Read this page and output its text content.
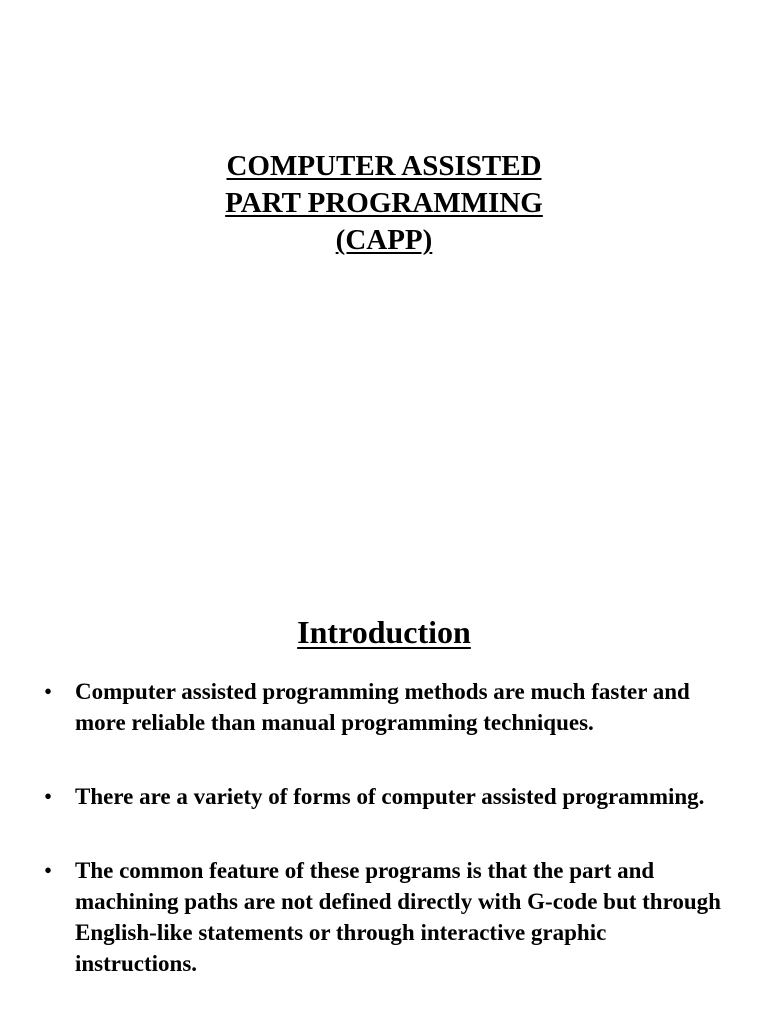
COMPUTER ASSISTED

PART PROGRAMMING

(CAPP)

Introduction
• Computer assisted programming methods are much faster and more reliable than manual programming techniques.
• There are a variety of forms of computer assisted programming.
• The common feature of these programs is that the part and machining paths are not defined directly with G-code but through English-like statements or through interactive graphic instructions.
